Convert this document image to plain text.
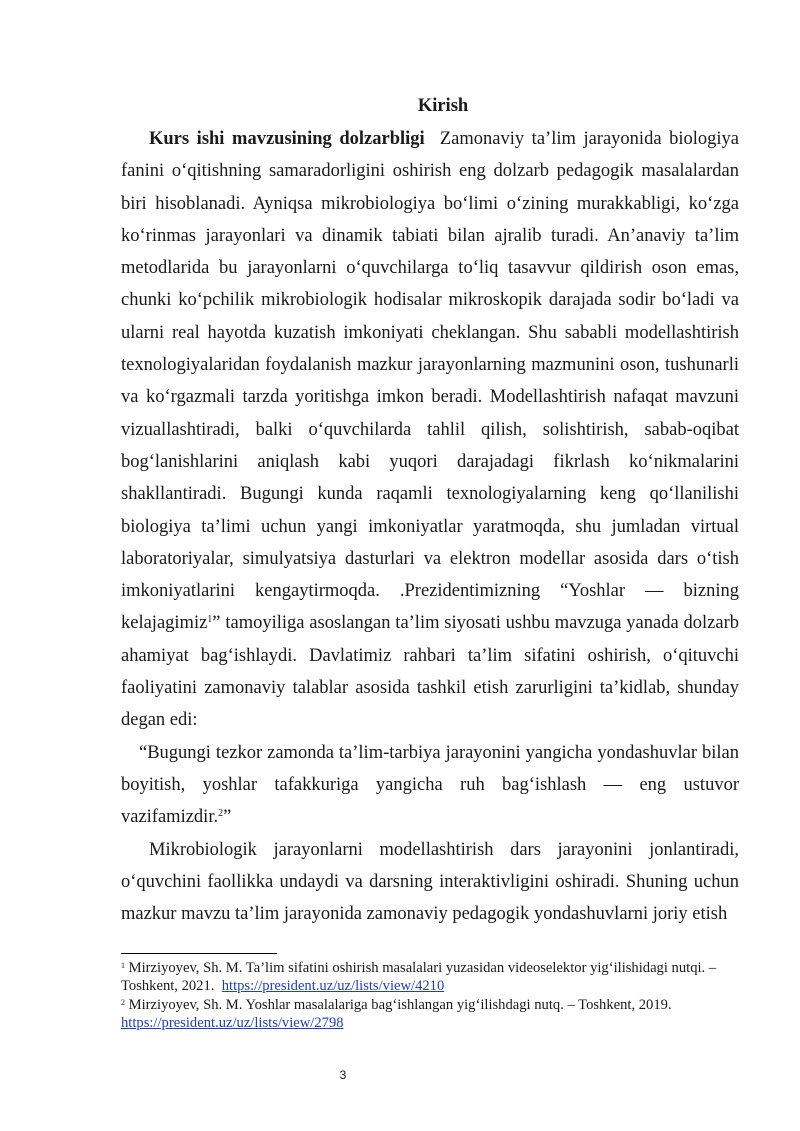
Kirish

Kurs ishi mavzusining dolzarbligi Zamonaviy ta’lim jarayonida biologiya fanini o‘qitishning samaradorligini oshirish eng dolzarb pedagogik masalalardan biri hisoblanadi. Ayniqsa mikrobiologiya bo‘limi o‘zining murakkabligi, ko‘zga ko‘rinmas jarayonlari va dinamik tabiati bilan ajralib turadi. An’anaviy ta’lim metodlarida bu jarayonlarni o‘quvchilarga to‘liq tasavvur qildirish oson emas, chunki ko‘pchilik mikrobiologik hodisalar mikroskopik darajada sodir bo‘ladi va ularni real hayotda kuzatish imkoniyati cheklangan. Shu sababli modellashtirish texnologiyalaridan foydalanish mazkur jarayonlarning mazmunini oson, tushunarli va ko‘rgazmali tarzda yoritishga imkon beradi. Modellashtirish nafaqat mavzuni vizuallashtiradi, balki o‘quvchilarda tahlil qilish, solishtirish, sabab-oqibat bog‘lanishlarini aniqlash kabi yuqori darajadagi fikrlash ko‘nikmalarini shakllantiradi. Bugungi kunda raqamli texnologiyalarning keng qo‘llanilishi biologiya ta’limi uchun yangi imkoniyatlar yaratmoqda, shu jumladan virtual laboratoriyalar, simulyatsiya dasturlari va elektron modellar asosida dars o‘tish imkoniyatlarini kengaytirmoqda. .Prezidentimizning “Yoshlar — bizning kelajagimiz$^1$” tamoyiliga asoslangan ta’lim siyosati ushbu mavzuga yanada dolzarb ahamiyat bag‘ishlaydi. Davlatimiz rahbari ta’lim sifatini oshirish, o‘qituvchi faoliyatini zamonaviy talablar asosida tashkil etish zarurligini ta’kidlab, shunday degan edi:

“Bugungi tezkor zamonda ta’lim-tarbiya jarayonini yangicha yondashuvlar bilan boyitish, yoshlar tafakkuriga yangicha ruh bag‘ishlash — eng ustuvor vazifamizdir.$^2$”

Mikrobiologik jarayonlarni modellashtirish dars jarayonini jonlantiradi, o‘quvchini faollikka undaydi va darsning interaktivligini oshiradi. Shuning uchun mazkur mavzu ta’lim jarayonida zamonaviy pedagogik yondashuvlarni joriy etish

$^1$ Mirziyoyev, Sh. M. Ta’lim sifatini oshirish masalalari yuzasidan videoselektor yig‘ilishidagi nutqi. – Toshkent, 2021. https://president.uz/uz/lists/view/4210

$^2$ Mirziyoyev, Sh. M. Yoshlar masalalariga bag‘ishlangan yig‘ilishdagi nutq. – Toshkent, 2019.
https://president.uz/uz/lists/view/2798

3
